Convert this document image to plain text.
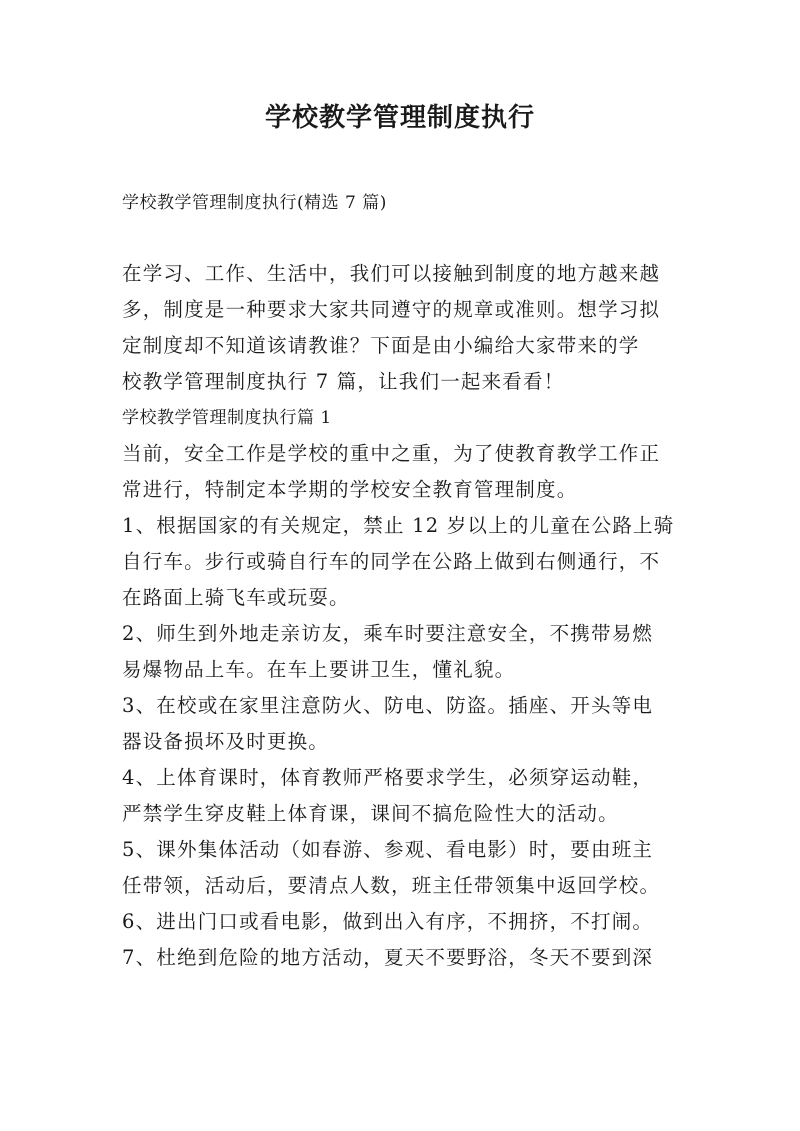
学校教学管理制度执行
学校教学管理制度执行(精选 7 篇)
在学习、工作、生活中，我们可以接触到制度的地方越来越
多，制度是一种要求大家共同遵守的规章或准则。想学习拟
定制度却不知道该请教谁？下面是由小编给大家带来的学
校教学管理制度执行 7 篇，让我们一起来看看！
学校教学管理制度执行篇 1
当前，安全工作是学校的重中之重，为了使教育教学工作正
常进行，特制定本学期的学校安全教育管理制度。
1、根据国家的有关规定，禁止 12 岁以上的儿童在公路上骑
自行车。步行或骑自行车的同学在公路上做到右侧通行，不
在路面上骑飞车或玩耍。
2、师生到外地走亲访友，乘车时要注意安全，不携带易燃
易爆物品上车。在车上要讲卫生，懂礼貌。
3、在校或在家里注意防火、防电、防盗。插座、开头等电
器设备损坏及时更换。
4、上体育课时，体育教师严格要求学生，必须穿运动鞋，
严禁学生穿皮鞋上体育课，课间不搞危险性大的活动。
5、课外集体活动（如春游、参观、看电影）时，要由班主
任带领，活动后，要清点人数，班主任带领集中返回学校。
6、进出门口或看电影，做到出入有序，不拥挤，不打闹。
7、杜绝到危险的地方活动，夏天不要野浴，冬天不要到深
